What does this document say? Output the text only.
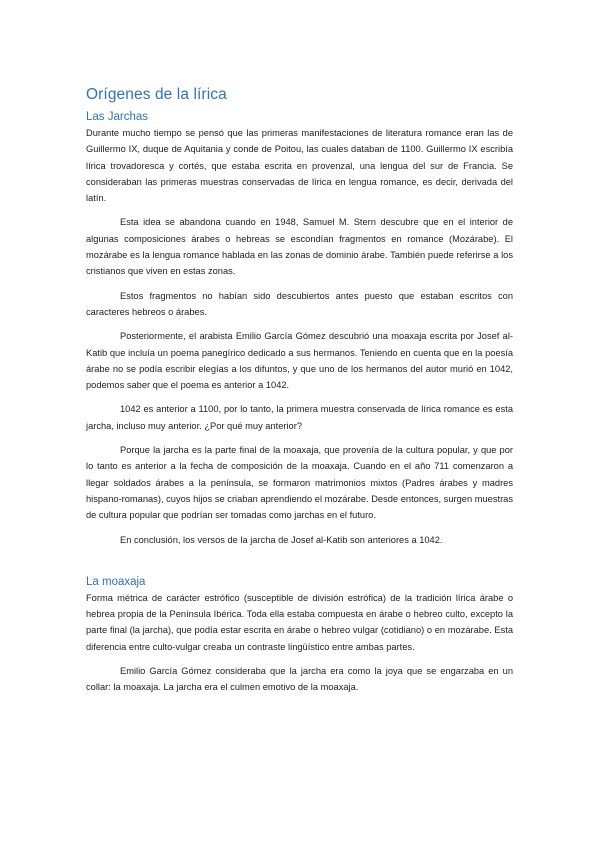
Orígenes de la lírica
Las Jarchas

Durante mucho tiempo se pensó que las primeras manifestaciones de literatura romance eran las de Guillermo IX, duque de Aquitania y conde de Poitou, las cuales databan de 1100. Guillermo IX escribía lírica trovadoresca y cortés, que estaba escrita en provenzal, una lengua del sur de Francia. Se consideraban las primeras muestras conservadas de lírica en lengua romance, es decir, derivada del latín.

Esta idea se abandona cuando en 1948, Samuel M. Stern descubre que en el interior de algunas composiciones árabes o hebreas se escondían fragmentos en romance (Mozárabe). El mozárabe es la lengua romance hablada en las zonas de dominio árabe. También puede referirse a los cristianos que viven en estas zonas.

Estos fragmentos no habían sido descubiertos antes puesto que estaban escritos con caracteres hebreos o árabes.

Posteriormente, el arabista Emilio García Gómez descubrió una moaxaja escrita por Josef al-Katib que incluía un poema panegírico dedicado a sus hermanos. Teniendo en cuenta que en la poesía árabe no se podía escribir elegías a los difuntos, y que uno de los hermanos del autor murió en 1042, podemos saber que el poema es anterior a 1042.

1042 es anterior a 1100, por lo tanto, la primera muestra conservada de lírica romance es esta jarcha, incluso muy anterior. ¿Por qué muy anterior?

Porque la jarcha es la parte final de la moaxaja, que provenía de la cultura popular, y que por lo tanto es anterior a la fecha de composición de la moaxaja. Cuando en el año 711 comenzaron a llegar soldados árabes a la península, se formaron matrimonios mixtos (Padres árabes y madres hispano-romanas), cuyos hijos se criaban aprendiendo el mozárabe. Desde entonces, surgen muestras de cultura popular que podrían ser tomadas como jarchas en el futuro.

En conclusión, los versos de la jarcha de Josef al-Katib son anteriores a 1042.

La moaxaja

Forma métrica de carácter estrófico (susceptible de división estrófica) de la tradición lírica árabe o hebrea propia de la Península Ibérica. Toda ella estaba compuesta en árabe o hebreo culto, excepto la parte final (la jarcha), que podía estar escrita en árabe o hebreo vulgar (cotidiano) o en mozárabe. Esta diferencia entre culto-vulgar creaba un contraste lingüístico entre ambas partes.

Emilio García Gómez consideraba que la jarcha era como la joya que se engarzaba en un collar: la moaxaja. La jarcha era el culmen emotivo de la moaxaja.
